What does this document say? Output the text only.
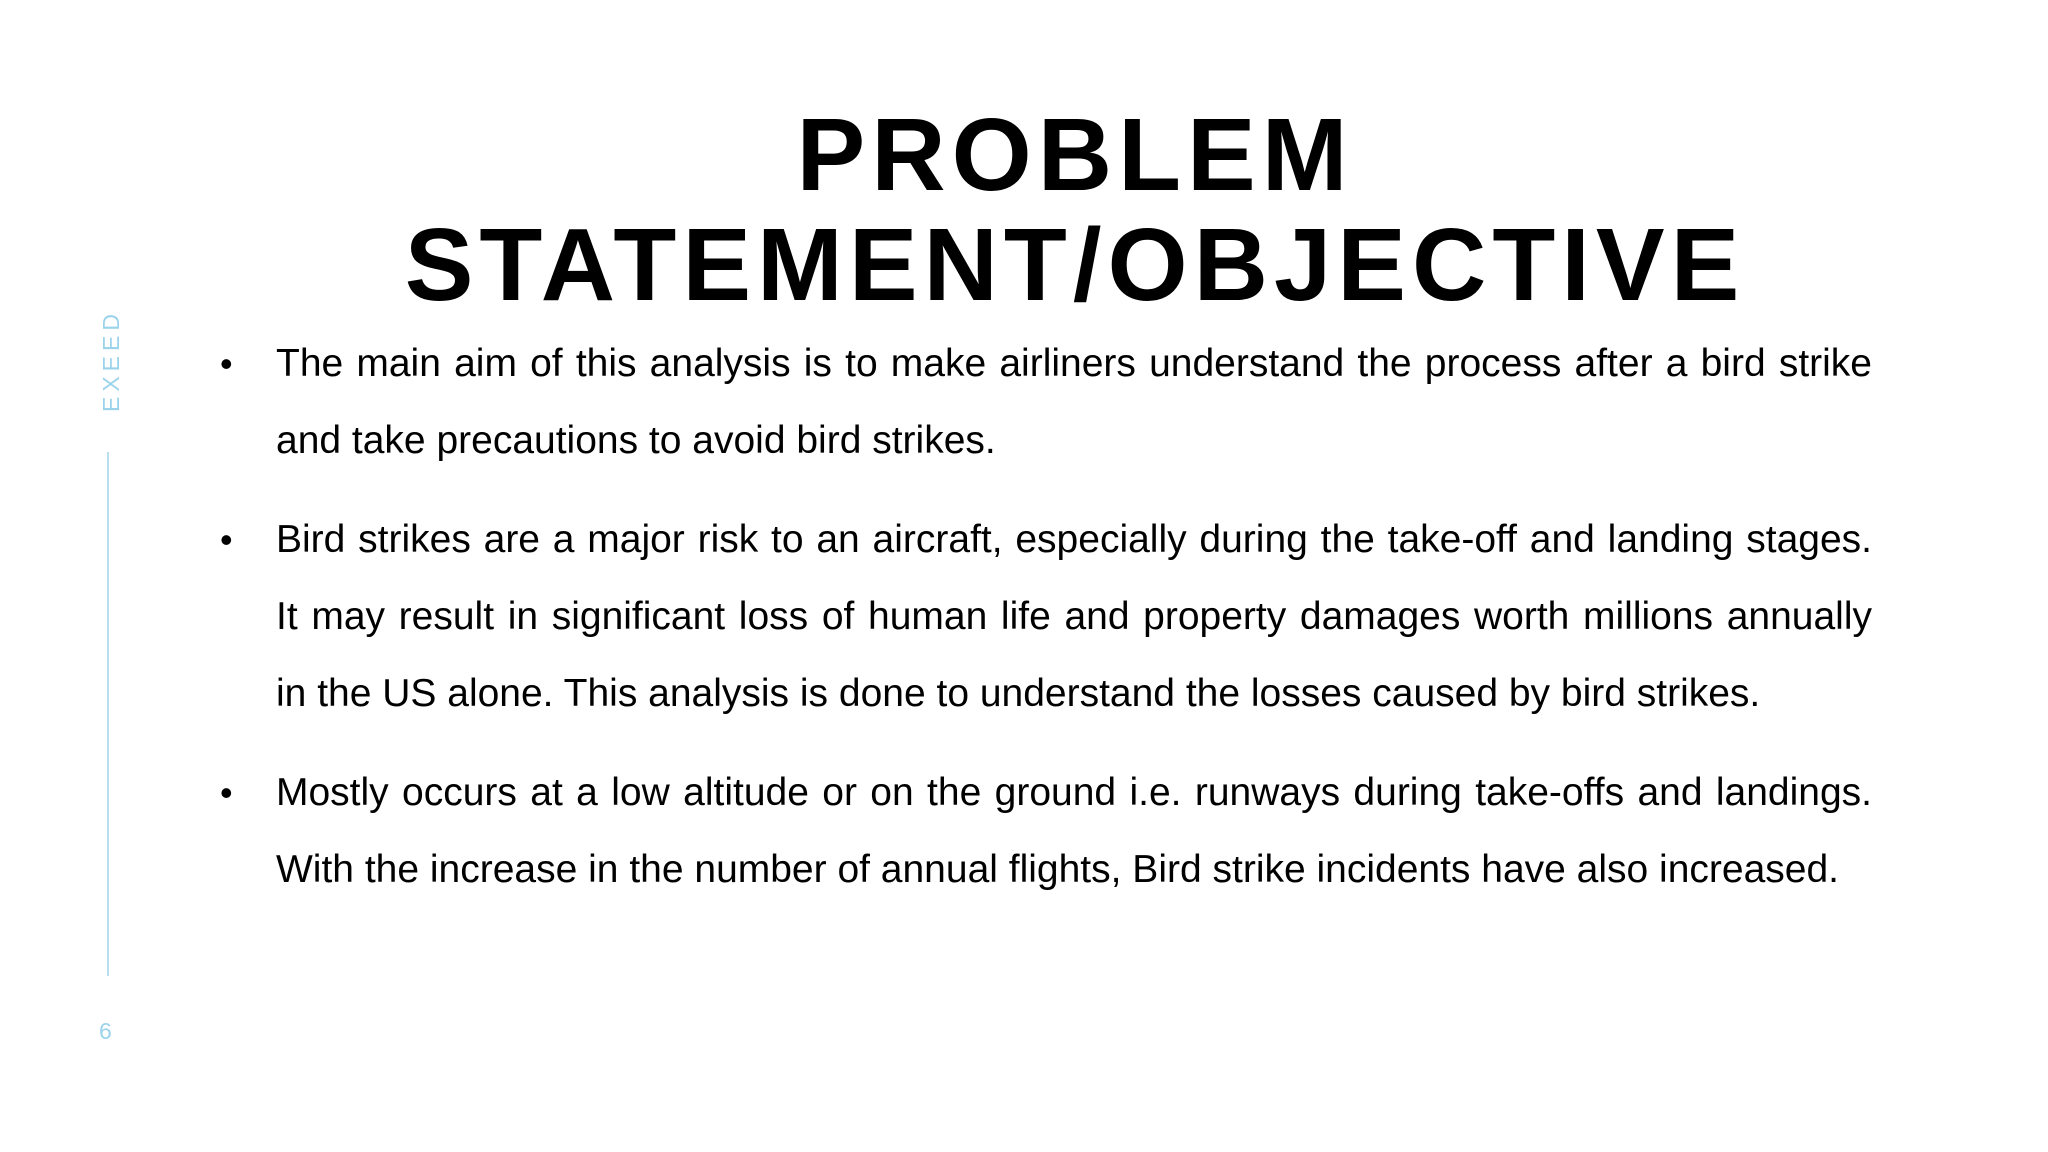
EXEED
6
PROBLEM
STATEMENT/OBJECTIVE
• The main aim of this analysis is to make airliners understand the process after a bird strike and take precautions to avoid bird strikes.
• Bird strikes are a major risk to an aircraft, especially during the take-off and landing stages. It may result in significant loss of human life and property damages worth millions annually in the US alone. This analysis is done to understand the losses caused by bird strikes.
• Mostly occurs at a low altitude or on the ground i.e. runways during take-offs and landings. With the increase in the number of annual flights, Bird strike incidents have also increased.
